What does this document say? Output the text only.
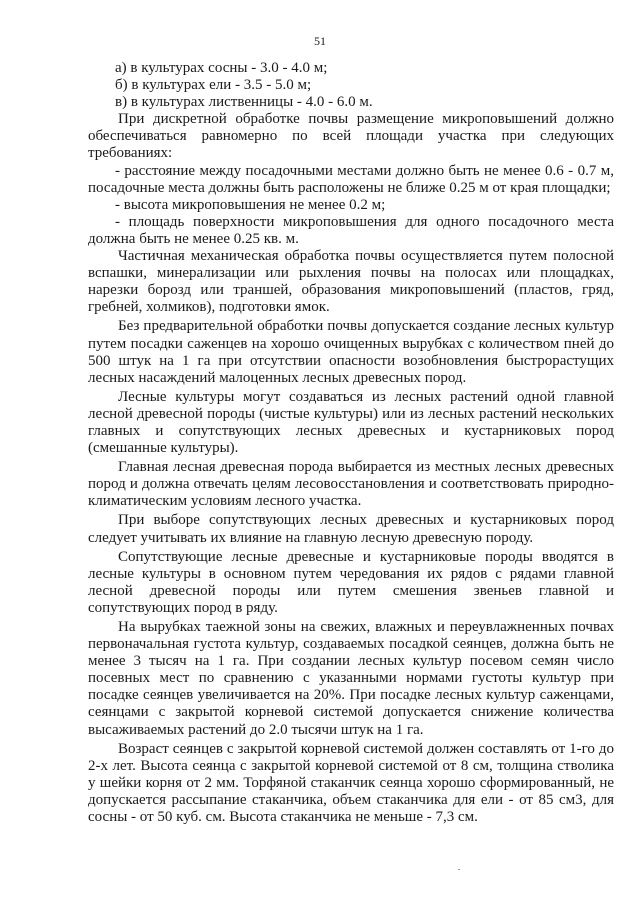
51

а) в культурах сосны - 3.0 - 4.0 м;

б) в культурах ели - 3.5 - 5.0 м;

в) в культурах лиственницы - 4.0 - 6.0 м.

При дискретной обработке почвы размещение микроповышений должно обеспечиваться равномерно по всей площади участка при следующих требованиях:

- расстояние между посадочными местами должно быть не менее 0.6 - 0.7 м, посадочные места должны быть расположены не ближе 0.25 м от края площадки;

- высота микроповышения не менее 0.2 м;

- площадь поверхности микроповышения для одного посадочного места должна быть не менее 0.25 кв. м.

Частичная механическая обработка почвы осуществляется путем полосной вспашки, минерализации или рыхления почвы на полосах или площадках, нарезки борозд или траншей, образования микроповышений (пластов, гряд, гребней, холмиков), подготовки ямок.

Без предварительной обработки почвы допускается создание лесных культур путем посадки саженцев на хорошо очищенных вырубках с количеством пней до 500 штук на 1 га при отсутствии опасности возобновления быстрорастущих лесных насаждений малоценных лесных древесных пород.

Лесные культуры могут создаваться из лесных растений одной главной лесной древесной породы (чистые культуры) или из лесных растений нескольких главных и сопутствующих лесных древесных и кустарниковых пород (смешанные культуры).

Главная лесная древесная порода выбирается из местных лесных древесных пород и должна отвечать целям лесовосстановления и соответствовать природно-климатическим условиям лесного участка.

При выборе сопутствующих лесных древесных и кустарниковых пород следует учитывать их влияние на главную лесную древесную породу.

Сопутствующие лесные древесные и кустарниковые породы вводятся в лесные культуры в основном путем чередования их рядов с рядами главной лесной древесной породы или путем смешения звеньев главной и сопутствующих пород в ряду.

На вырубках таежной зоны на свежих, влажных и переувлажненных почвах первоначальная густота культур, создаваемых посадкой сеянцев, должна быть не менее 3 тысяч на 1 га. При создании лесных культур посевом семян число посевных мест по сравнению с указанными нормами густоты культур при посадке сеянцев увеличивается на 20%. При посадке лесных культур саженцами, сеянцами с закрытой корневой системой допускается снижение количества высаживаемых растений до 2.0 тысячи штук на 1 га.

Возраст сеянцев с закрытой корневой системой должен составлять от 1-го до 2-х лет. Высота сеянца с закрытой корневой системой от 8 см, толщина стволика у шейки корня от 2 мм. Торфяной стаканчик сеянца хорошо сформированный, не допускается рассыпание стаканчика, объем стаканчика для ели - от 85 см3, для сосны - от 50 куб. см. Высота стаканчика не меньше - 7,3 см.
